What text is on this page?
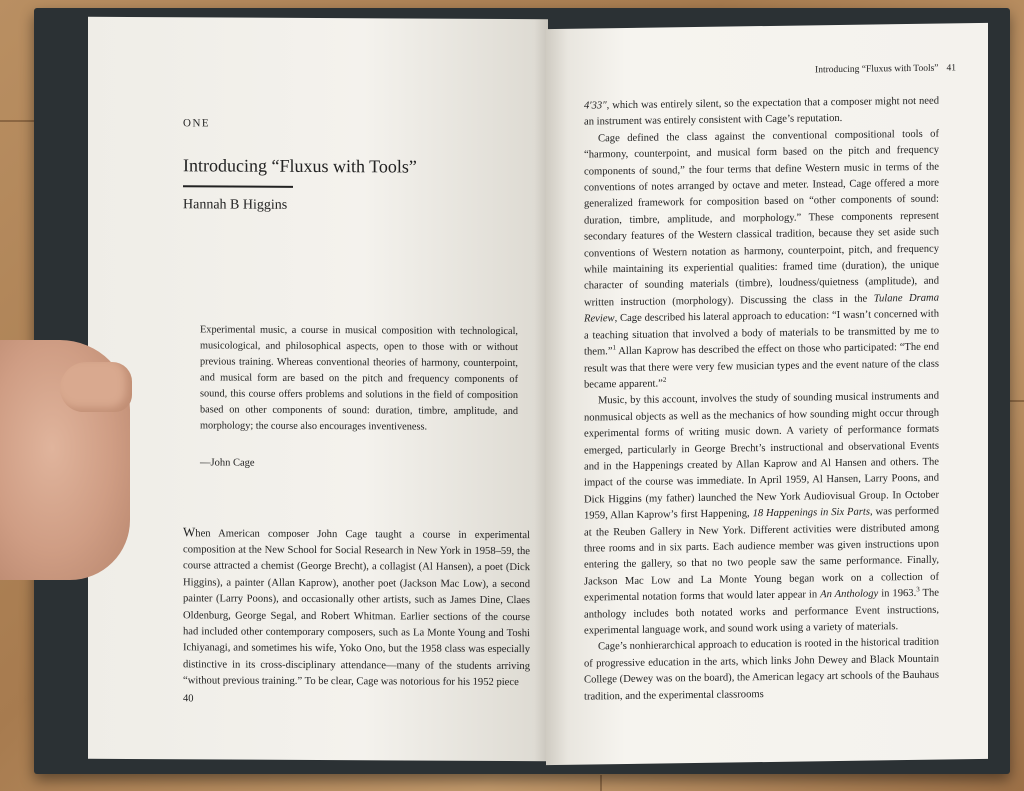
ONE

Introducing “Fluxus with Tools”
Hannah B Higgins

Experimental music, a course in musical composition with technological, musicological, and philosophical aspects, open to those with or without previous training. Whereas conventional theories of harmony, counterpoint, and musical form are based on the pitch and frequency components of sound, this course offers problems and solutions in the field of composition based on other components of sound: duration, timbre, amplitude, and morphology; the course also encourages inventiveness.

—John Cage

When American composer John Cage taught a course in experimental composition at the New School for Social Research in New York in 1958–59, the course attracted a chemist (George Brecht), a collagist (Al Hansen), a poet (Dick Higgins), a painter (Allan Kaprow), another poet (Jackson Mac Low), a second painter (Larry Poons), and occasionally other artists, such as James Dine, Claes Oldenburg, George Segal, and Robert Whitman. Earlier sections of the course had included other contemporary composers, such as La Monte Young and Toshi Ichiyanagi, and sometimes his wife, Yoko Ono, but the 1958 class was especially distinctive in its cross-disciplinary attendance—many of the students arriving “without previous training.” To be clear, Cage was notorious for his 1952 piece

40
Introducing “Fluxus with Tools” 41

4′33″, which was entirely silent, so the expectation that a composer might not need an instrument was entirely consistent with Cage’s reputation.

Cage defined the class against the conventional compositional tools of “harmony, counterpoint, and musical form based on the pitch and frequency components of sound,” the four terms that define Western music in terms of the conventions of notes arranged by octave and meter. Instead, Cage offered a more generalized framework for composition based on “other components of sound: duration, timbre, amplitude, and morphology.” These components represent secondary features of the Western classical tradition, because they set aside such conventions of Western notation as harmony, counterpoint, pitch, and frequency while maintaining its experiential qualities: framed time (duration), the unique character of sounding materials (timbre), loudness/quietness (amplitude), and written instruction (morphology). Discussing the class in the Tulane Drama Review, Cage described his lateral approach to education: “I wasn’t concerned with a teaching situation that involved a body of materials to be transmitted by me to them.”$^1$ Allan Kaprow has described the effect on those who participated: “The end result was that there were very few musician types and the event nature of the class became apparent.”$^2$

Music, by this account, involves the study of sounding musical instruments and nonmusical objects as well as the mechanics of how sounding might occur through experimental forms of writing music down. A variety of performance formats emerged, particularly in George Brecht’s instructional and observational Events and in the Happenings created by Allan Kaprow and Al Hansen and others. The impact of the course was immediate. In April 1959, Al Hansen, Larry Poons, and Dick Higgins (my father) launched the New York Audiovisual Group. In October 1959, Allan Kaprow’s first Happening, 18 Happenings in Six Parts, was performed at the Reuben Gallery in New York. Different activities were distributed among three rooms and in six parts. Each audience member was given instructions upon entering the gallery, so that no two people saw the same performance. Finally, Jackson Mac Low and La Monte Young began work on a collection of experimental notation forms that would later appear in An Anthology in 1963.$^3$ The anthology includes both notated works and performance Event instructions, experimental language work, and sound work using a variety of materials.

Cage’s nonhierarchical approach to education is rooted in the historical tradition of progressive education in the arts, which links John Dewey and Black Mountain College (Dewey was on the board), the American legacy art schools of the Bauhaus tradition, and the experimental classrooms
